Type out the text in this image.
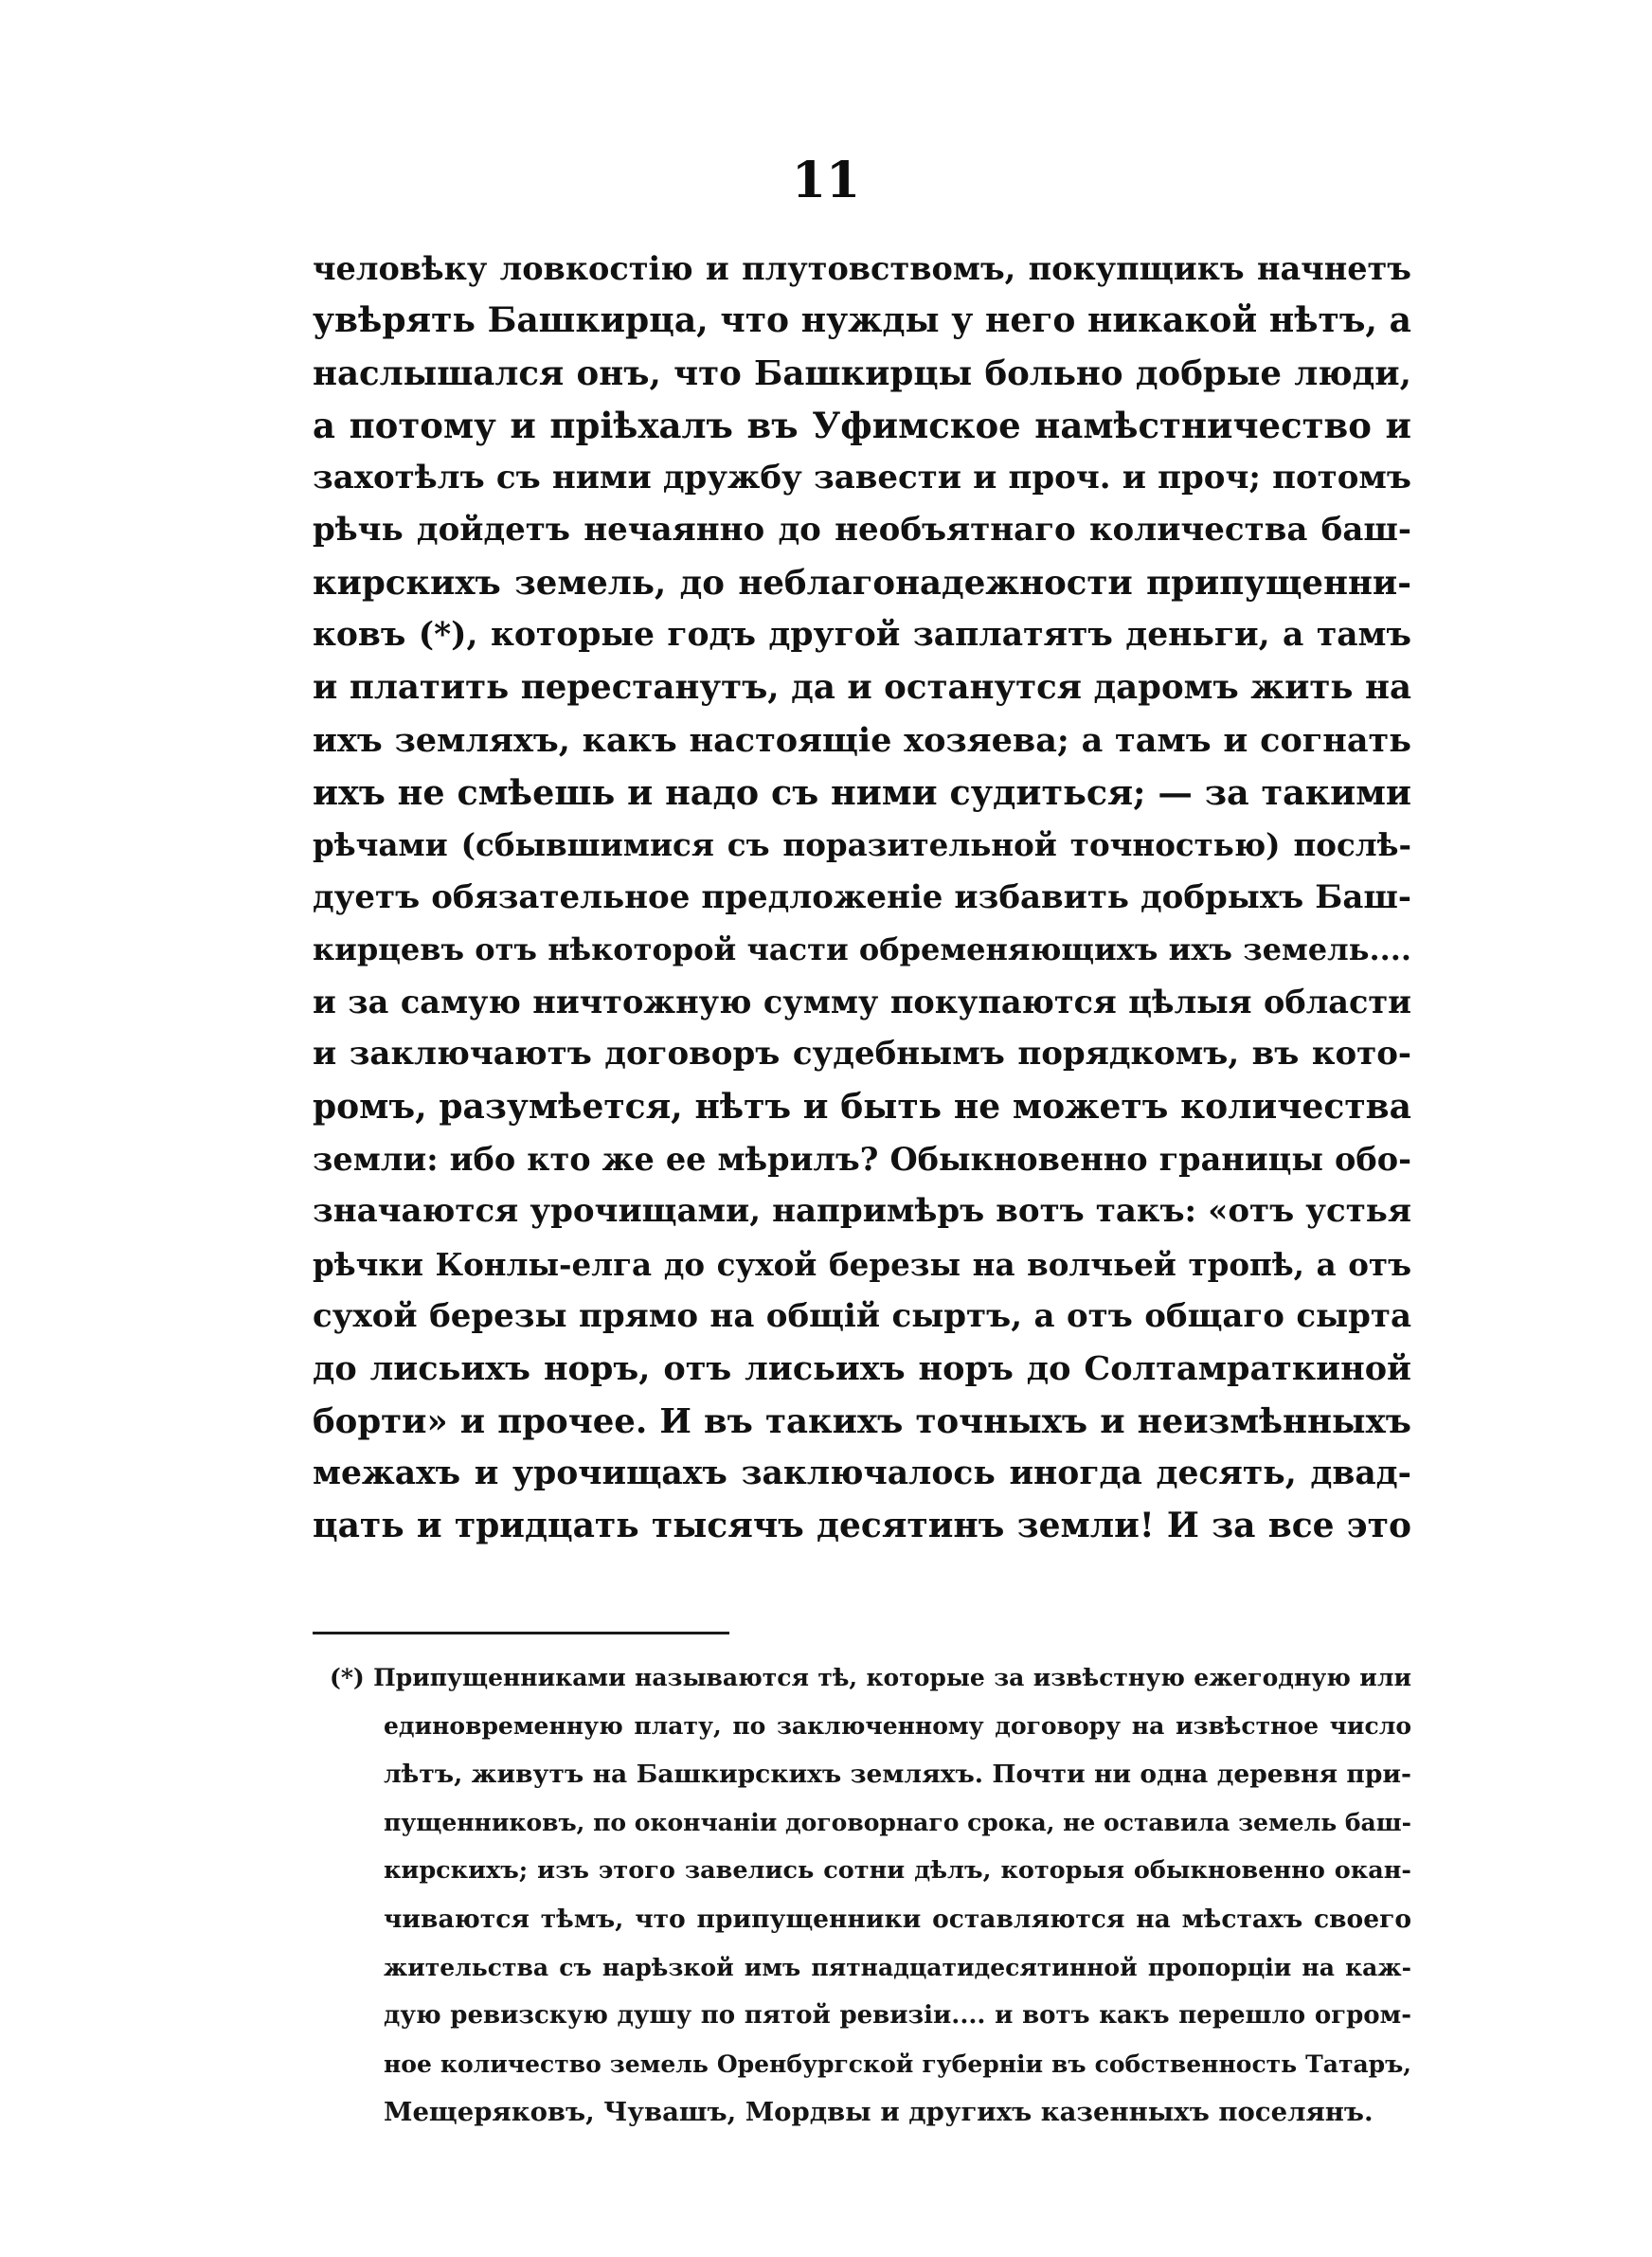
11
человѣку ловкостію и плутовствомъ, покупщикъ начнетъ
увѣрять Башкирца, что нужды у него никакой нѣтъ, а
наслышался онъ, что Башкирцы больно добрые люди,
а потому и пріѣхалъ въ Уфимское намѣстничество и
захотѣлъ съ ними дружбу завести и проч. и проч; потомъ
рѣчь дойдетъ нечаянно до необъятнаго количества баш-
кирскихъ земель, до неблагонадежности припущенни-
ковъ (*), которые годъ другой заплатятъ деньги, а тамъ
и платить перестанутъ, да и останутся даромъ жить на
ихъ земляхъ, какъ настоящіе хозяева; а тамъ и согнать
ихъ не смѣешь и надо съ ними судиться; — за такими
рѣчами (сбывшимися съ поразительной точностью) послѣ-
дуетъ обязательное предложеніе избавить добрыхъ Баш-
кирцевъ отъ нѣкоторой части обременяющихъ ихъ земель....
и за самую ничтожную сумму покупаются цѣлыя области
и заключаютъ договоръ судебнымъ порядкомъ, въ кото-
ромъ, разумѣется, нѣтъ и быть не можетъ количества
земли: ибо кто же ее мѣрилъ? Обыкновенно границы обо-
значаются урочищами, напримѣръ вотъ такъ: «отъ устья
рѣчки Конлы-елга до сухой березы на волчьей тропѣ, а отъ
сухой березы прямо на общій сыртъ, а отъ общаго сырта
до лисьихъ норъ, отъ лисьихъ норъ до Солтамраткиной
борти» и прочее. И въ такихъ точныхъ и неизмѣнныхъ
межахъ и урочищахъ заключалось иногда десять, двад-
цать и тридцать тысячъ десятинъ земли! И за все это
(*) Припущенниками называются тѣ, которые за извѣстную ежегодную или
единовременную плату, по заключенному договору на извѣстное число
лѣтъ, живутъ на Башкирскихъ земляхъ. Почти ни одна деревня при-
пущенниковъ, по окончаніи договорнаго срока, не оставила земель баш-
кирскихъ; изъ этого завелись сотни дѣлъ, которыя обыкновенно окан-
чиваются тѣмъ, что припущенники оставляются на мѣстахъ своего
жительства съ нарѣзкой имъ пятнадцатидесятинной пропорціи на каж-
дую ревизскую душу по пятой ревизіи.... и вотъ какъ перешло огром-
ное количество земель Оренбургской губерніи въ собственность Татаръ,
Мещеряковъ, Чувашъ, Мордвы и другихъ казенныхъ поселянъ.
